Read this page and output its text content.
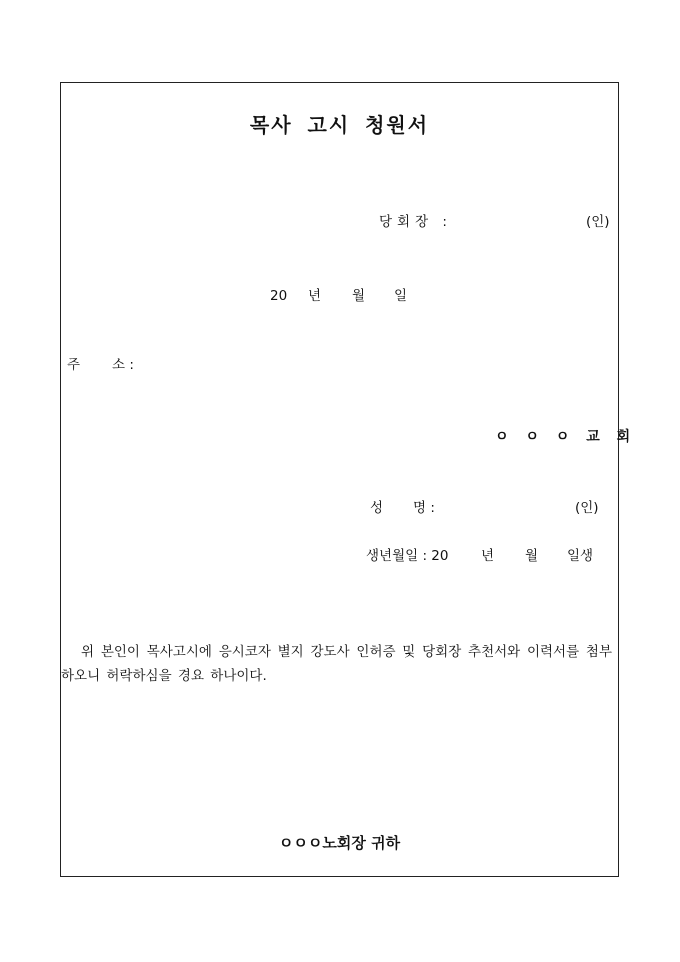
목사 고시 청원서
당회장 :	(인)
20 년 월 일
주 소 :
ㅇ ㅇ ㅇ 교 회
성 명 :	(인)
생년월일 : 20 년 월 일생
위 본인이 목사고시에 응시코자 별지 강도사 인허증 및 당회장 추천서와 이력서를 첨부하오니 허락하심을 경요 하나이다.
ㅇㅇㅇ노회장 귀하
